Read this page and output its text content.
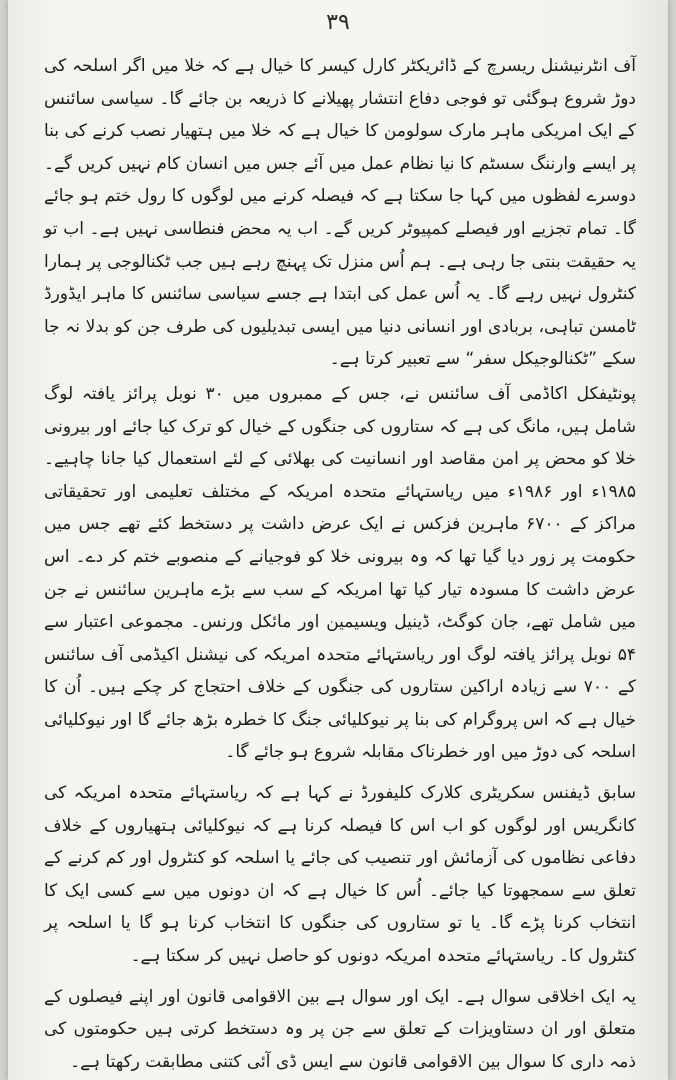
۳۹

آف انٹرنیشنل ریسرچ کے ڈائریکٹر کارل کیسر کا خیال ہے کہ خلا میں اگر اسلحہ کی دوڑ شروع ہوگئی تو فوجی دفاع انتشار پھیلانے کا ذریعہ بن جائے گا۔ سیاسی سائنس کے ایک امریکی ماہر مارک سولومن کا خیال ہے کہ خلا میں ہتھیار نصب کرنے کی بنا پر ایسے وارننگ سسٹم کا نیا نظام عمل میں آئے جس میں انسان کام نہیں کریں گے۔ دوسرے لفظوں میں کہا جا سکتا ہے کہ فیصلہ کرنے میں لوگوں کا رول ختم ہو جائے گا۔ تمام تجزیے اور فیصلے کمپیوٹر کریں گے۔ اب یہ محض فنطاسی نہیں ہے۔ اب تو یہ حقیقت بنتی جا رہی ہے۔ ہم اُس منزل تک پہنچ رہے ہیں جب ٹکنالوجی پر ہمارا کنٹرول نہیں رہے گا۔ یہ اُس عمل کی ابتدا ہے جسے سیاسی سائنس کا ماہر ایڈورڈ ٹامسن تباہی، بربادی اور انسانی دنیا میں ایسی تبدیلیوں کی طرف جن کو بدلا نہ جا سکے ”ٹکنالوجیکل سفر“ سے تعبیر کرتا ہے۔

پونٹیفکل اکاڈمی آف سائنس نے، جس کے ممبروں میں ۳۰ نوبل پرائز یافتہ لوگ شامل ہیں، مانگ کی ہے کہ ستاروں کی جنگوں کے خیال کو ترک کیا جائے اور بیرونی خلا کو محض پر امن مقاصد اور انسانیت کی بھلائی کے لئے استعمال کیا جانا چاہیے۔ ۱۹۸۵ء اور ۱۹۸۶ء میں ریاستہائے متحدہ امریکہ کے مختلف تعلیمی اور تحقیقاتی مراکز کے ۶۷۰۰ ماہرین فزکس نے ایک عرض داشت پر دستخط کئے تھے جس میں حکومت پر زور دیا گیا تھا کہ وہ بیرونی خلا کو فوجیانے کے منصوبے ختم کر دے۔ اس عرض داشت کا مسودہ تیار کیا تھا امریکہ کے سب سے بڑے ماہرین سائنس نے جن میں شامل تھے، جان کوگٹ، ڈینیل ویسیمین اور مائکل ورنس۔ مجموعی اعتبار سے ۵۴ نوبل پرائز یافتہ لوگ اور ریاستہائے متحدہ امریکہ کی نیشنل اکیڈمی آف سائنس کے ۷۰۰ سے زیادہ اراکین ستاروں کی جنگوں کے خلاف احتجاج کر چکے ہیں۔ اُن کا خیال ہے کہ اس پروگرام کی بنا پر نیوکلیائی جنگ کا خطرہ بڑھ جائے گا اور نیوکلیائی اسلحہ کی دوڑ میں اور خطرناک مقابلہ شروع ہو جائے گا۔

سابق ڈیفنس سکریٹری کلارک کلیفورڈ نے کہا ہے کہ ریاستہائے متحدہ امریکہ کی کانگریس اور لوگوں کو اب اس کا فیصلہ کرنا ہے کہ نیوکلیائی ہتھیاروں کے خلاف دفاعی نظاموں کی آزمائش اور تنصیب کی جائے یا اسلحہ کو کنٹرول اور کم کرنے کے تعلق سے سمجھوتا کیا جائے۔ اُس کا خیال ہے کہ ان دونوں میں سے کسی ایک کا انتخاب کرنا پڑے گا۔ یا تو ستاروں کی جنگوں کا انتخاب کرنا ہو گا یا اسلحہ پر کنٹرول کا۔ ریاستہائے متحدہ امریکہ دونوں کو حاصل نہیں کر سکتا ہے۔

یہ ایک اخلاقی سوال ہے۔ ایک اور سوال ہے بین الاقوامی قانون اور اپنے فیصلوں کے متعلق اور ان دستاویزات کے تعلق سے جن پر وہ دستخط کرتی ہیں حکومتوں کی ذمہ داری کا سوال بین الاقوامی قانون سے ایس ڈی آئی کتنی مطابقت رکھتا ہے۔
